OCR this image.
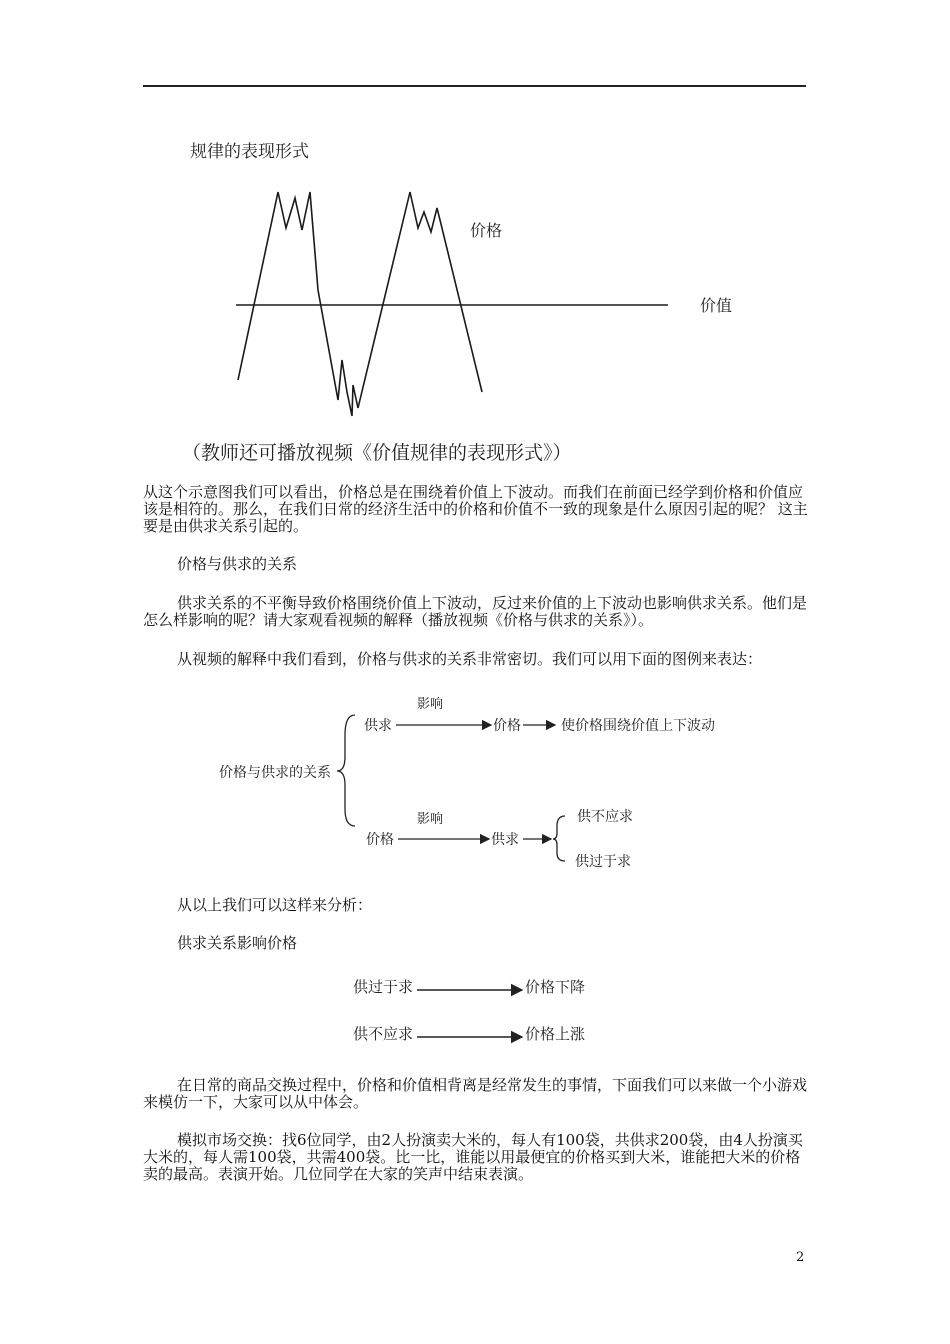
规律的表现形式
价格
价值
（教师还可播放视频《价值规律的表现形式》）

从这个示意图我们可以看出，价格总是在围绕着价值上下波动。而我们在前面已经学到价格和价值应该是相符的。那么，在我们日常的经济生活中的价格和价值不一致的现象是什么原因引起的呢？ 这主要是由供求关系引起的。

价格与供求的关系

供求关系的不平衡导致价格围绕价值上下波动，反过来价值的上下波动也影响供求关系。他们是怎么样影响的呢？请大家观看视频的解释（播放视频《价格与供求的关系》）。

从视频的解释中我们看到，价格与供求的关系非常密切。我们可以用下面的图例来表达：

价格与供求的关系
供求
影响
价格	使价格围绕价值上下波动
价格
影响
供求
供不应求
供过于求

从以上我们可以这样来分析：

供求关系影响价格

供过于求	价格下降
供不应求	价格上涨

在日常的商品交换过程中，价格和价值相背离是经常发生的事情，下面我们可以来做一个小游戏来模仿一下，大家可以从中体会。

模拟市场交换：找6位同学，由2人扮演卖大米的，每人有100袋，共供求200袋，由4人扮演买大米的，每人需100袋，共需400袋。比一比，谁能以用最便宜的价格买到大米，谁能把大米的价格卖的最高。表演开始。几位同学在大家的笑声中结束表演。

2
